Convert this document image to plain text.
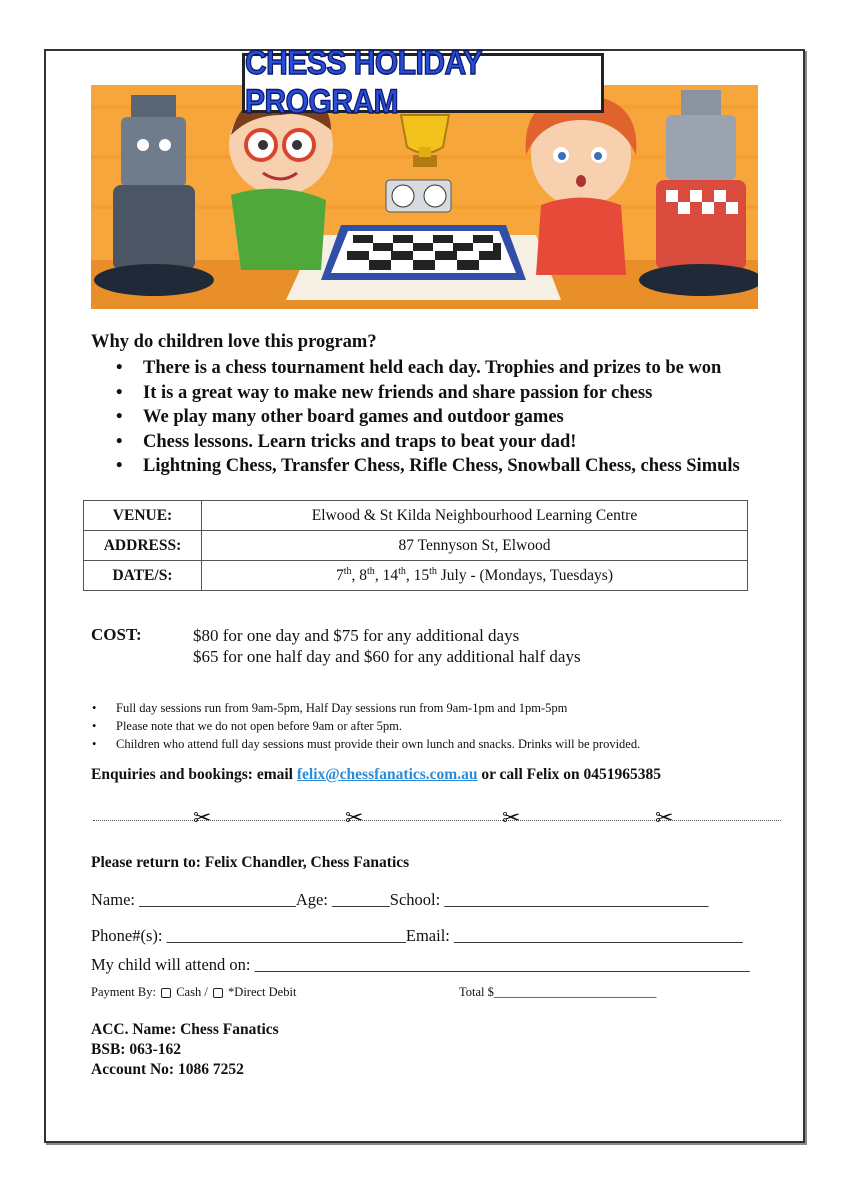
CHESS HOLIDAY PROGRAM
Why do children love this program?
• There is a chess tournament held each day. Trophies and prizes to be won
• It is a great way to make new friends and share passion for chess
• We play many other board games and outdoor games
• Chess lessons. Learn tricks and traps to beat your dad!
• Lightning Chess, Transfer Chess, Rifle Chess, Snowball Chess, chess Simuls
VENUE:	Elwood & St Kilda Neighbourhood Learning Centre
ADDRESS:	87 Tennyson St, Elwood
DATE/S:	7th, 8th, 14th, 15th July - (Mondays, Tuesdays)
COST:	$80 for one day and $75 for any additional days
$65 for one half day and $60 for any additional half days
• Full day sessions run from 9am-5pm, Half Day sessions run from 9am-1pm and 1pm-5pm
• Please note that we do not open before 9am or after 5pm.
• Children who attend full day sessions must provide their own lunch and snacks. Drinks will be provided.
Enquiries and bookings: email felix@chessfanatics.com.au or call Felix on 0451965385
✂	✂	✂	✂
Please return to: Felix Chandler, Chess Fanatics
Name: ___________________Age: _______School: ________________________________
Phone#(s): _____________________________Email: ___________________________________
My child will attend on: ____________________________________________________________
Payment By:  Cash /  *Direct Debit	Total $__________________________
ACC. Name: Chess Fanatics
BSB: 063-162
Account No: 1086 7252
